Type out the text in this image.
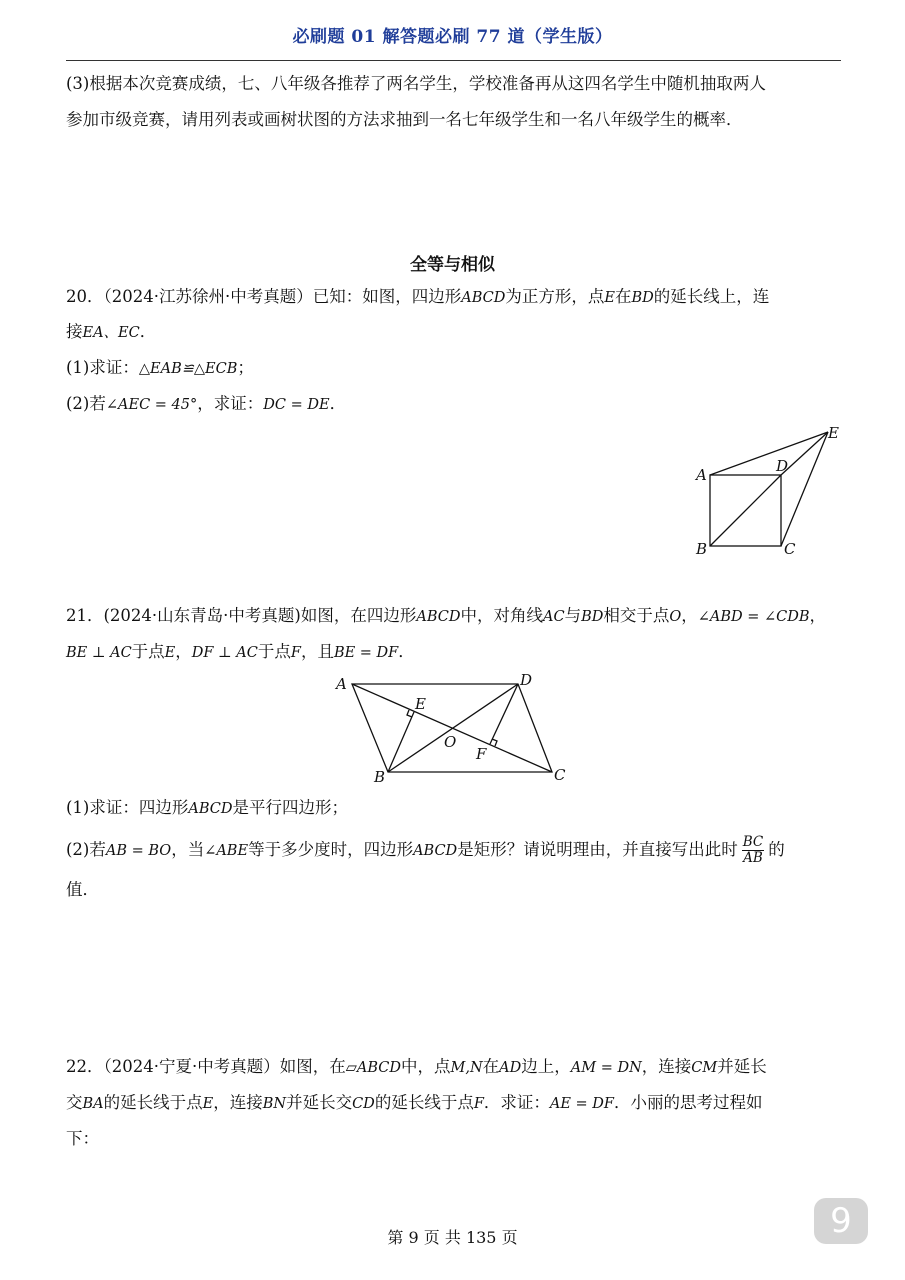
必刷题 01 解答题必刷 77 道（学生版）
(3)根据本次竞赛成绩，七、八年级各推荐了两名学生，学校准备再从这四名学生中随机抽取两人
参加市级竞赛，请用列表或画树状图的方法求抽到一名七年级学生和一名八年级学生的概率．
全等与相似
20．（2024·江苏徐州·中考真题）已知：如图，四边形ABCD为正方形，点E在BD的延长线上，连
接EA、EC．
(1)求证：△EAB≌△ECB；
(2)若∠AEC = 45°，求证：DC = DE．
A
B	C
D
E
21．(2024·山东青岛·中考真题)如图，在四边形ABCD中，对角线AC与BD相交于点O，∠ABD = ∠CDB，
BE ⊥ AC于点E，DF ⊥ AC于点F，且BE = DF．
A
B	C
D
E
F
O
(1)求证：四边形ABCD是平行四边形；
(2)若AB = BO，当∠ABE等于多少度时，四边形ABCD是矩形？请说明理由，并直接写出此时 $\frac{BC}{AB}$ 的
值．
22．（2024·宁夏·中考真题）如图，在▱ABCD中，点M,N在AD边上，AM = DN，连接CM并延长
交BA的延长线于点E，连接BN并延长交CD的延长线于点F．求证：AE = DF．小丽的思考过程如
下：
第 9 页 共 135 页	9
